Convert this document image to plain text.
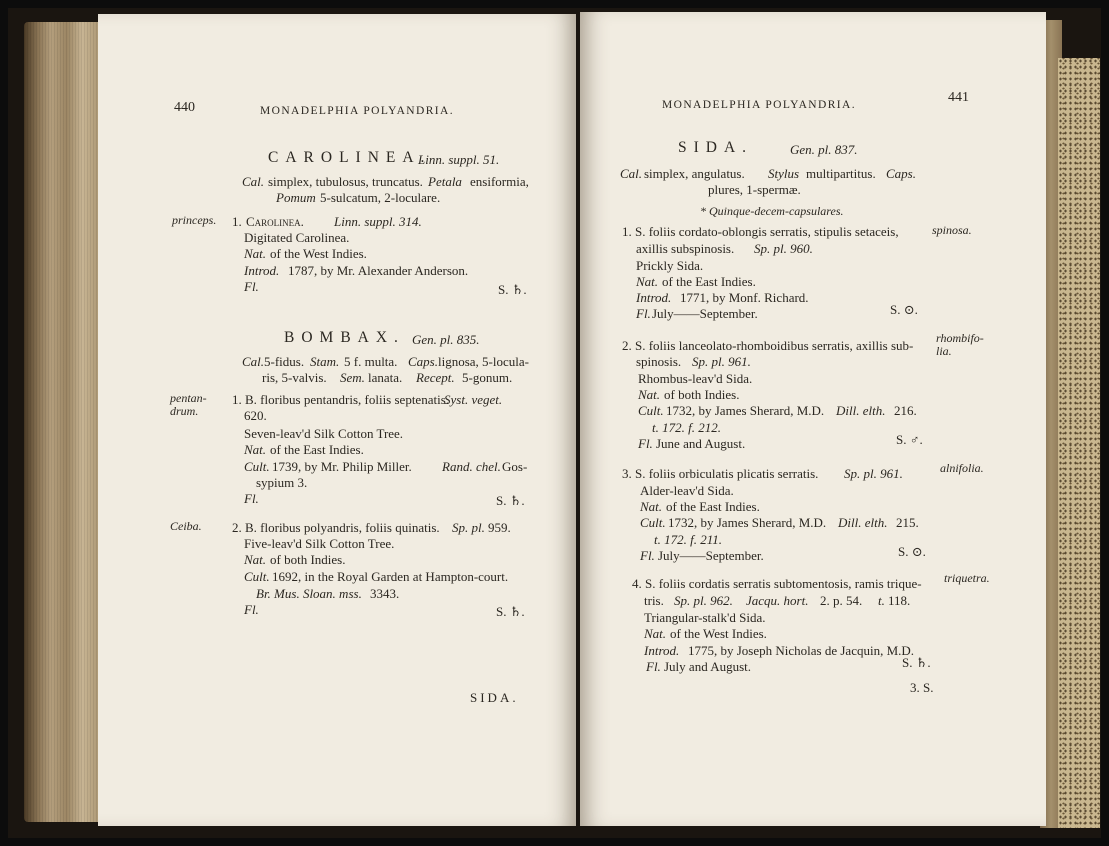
440	MONADELPHIA POLYANDRIA.
CAROLINEA.
Linn. suppl. 51.
Cal. simplex, tubulosus, truncatus. Petala ensiformia,
Pomum 5-sulcatum, 2-loculare.
princeps. 1. Carolinea. Linn. suppl. 314.
Digitated Carolinea.
Nat. of the West Indies.
Introd. 1787, by Mr. Alexander Anderson.
Fl.	S. ♄.
BOMBAX. Gen. pl. 835.
Cal. 5-fidus. Stam. 5 f. multa. Caps. lignosa, 5-locula-
ris, 5-valvis. Sem. lanata. Recept. 5-gonum.
pentan-
drum.
1. B. floribus pentandris, foliis septenatis.
Syst. veget.
620.
Seven-leav'd Silk Cotton Tree.
Nat. of the East Indies.
Cult. 1739, by Mr. Philip Miller. Rand. chel. Gos-
sypium 3.
Fl.	S. ♄.
Ceiba. 2. B. floribus polyandris, foliis quinatis. Sp. pl. 959.
Five-leav'd Silk Cotton Tree.
Nat. of both Indies.
Cult. 1692, in the Royal Garden at Hampton-court.
Br. Mus. Sloan. mss. 3343.
Fl.	S. ♄.
SIDA.
MONADELPHIA POLYANDRIA.	441
SIDA.	Gen. pl. 837.
Cal. simplex, angulatus. Stylus multipartitus. Caps.
plures, 1-spermæ.
* Quinque-decem-capsulares.
1. S. foliis cordato-oblongis serratis, stipulis setaceis,	spinosa.
axillis subspinosis. Sp. pl. 960.
Prickly Sida.
Nat. of the East Indies.
Introd. 1771, by Monf. Richard.
Fl. July——September.	S. ⊙.
2. S. foliis lanceolato-rhomboidibus serratis, axillis sub- rhombifo-
lia.
spinosis. Sp. pl. 961.
Rhombus-leav'd Sida.
Nat. of both Indies.
Cult. 1732, by James Sherard, M.D. Dill. elth. 216.
t. 172. f. 212.
Fl. June and August.	S. ♂.
3. S. foliis orbiculatis plicatis serratis. Sp. pl. 961.	alnifolia.
Alder-leav'd Sida.
Nat. of the East Indies.
Cult. 1732, by James Sherard, M.D. Dill. elth. 215.
t. 172. f. 211.
Fl. July——September.	S. ⊙.
4. S. foliis cordatis serratis subtomentosis, ramis trique- triquetra.
tris. Sp. pl. 962. Jacqu. hort. 2. p. 54. t. 118.
Triangular-stalk'd Sida.
Nat. of the West Indies.
Introd. 1775, by Joseph Nicholas de Jacquin, M.D.
Fl. July and August.	S. ♄.
3. S.
